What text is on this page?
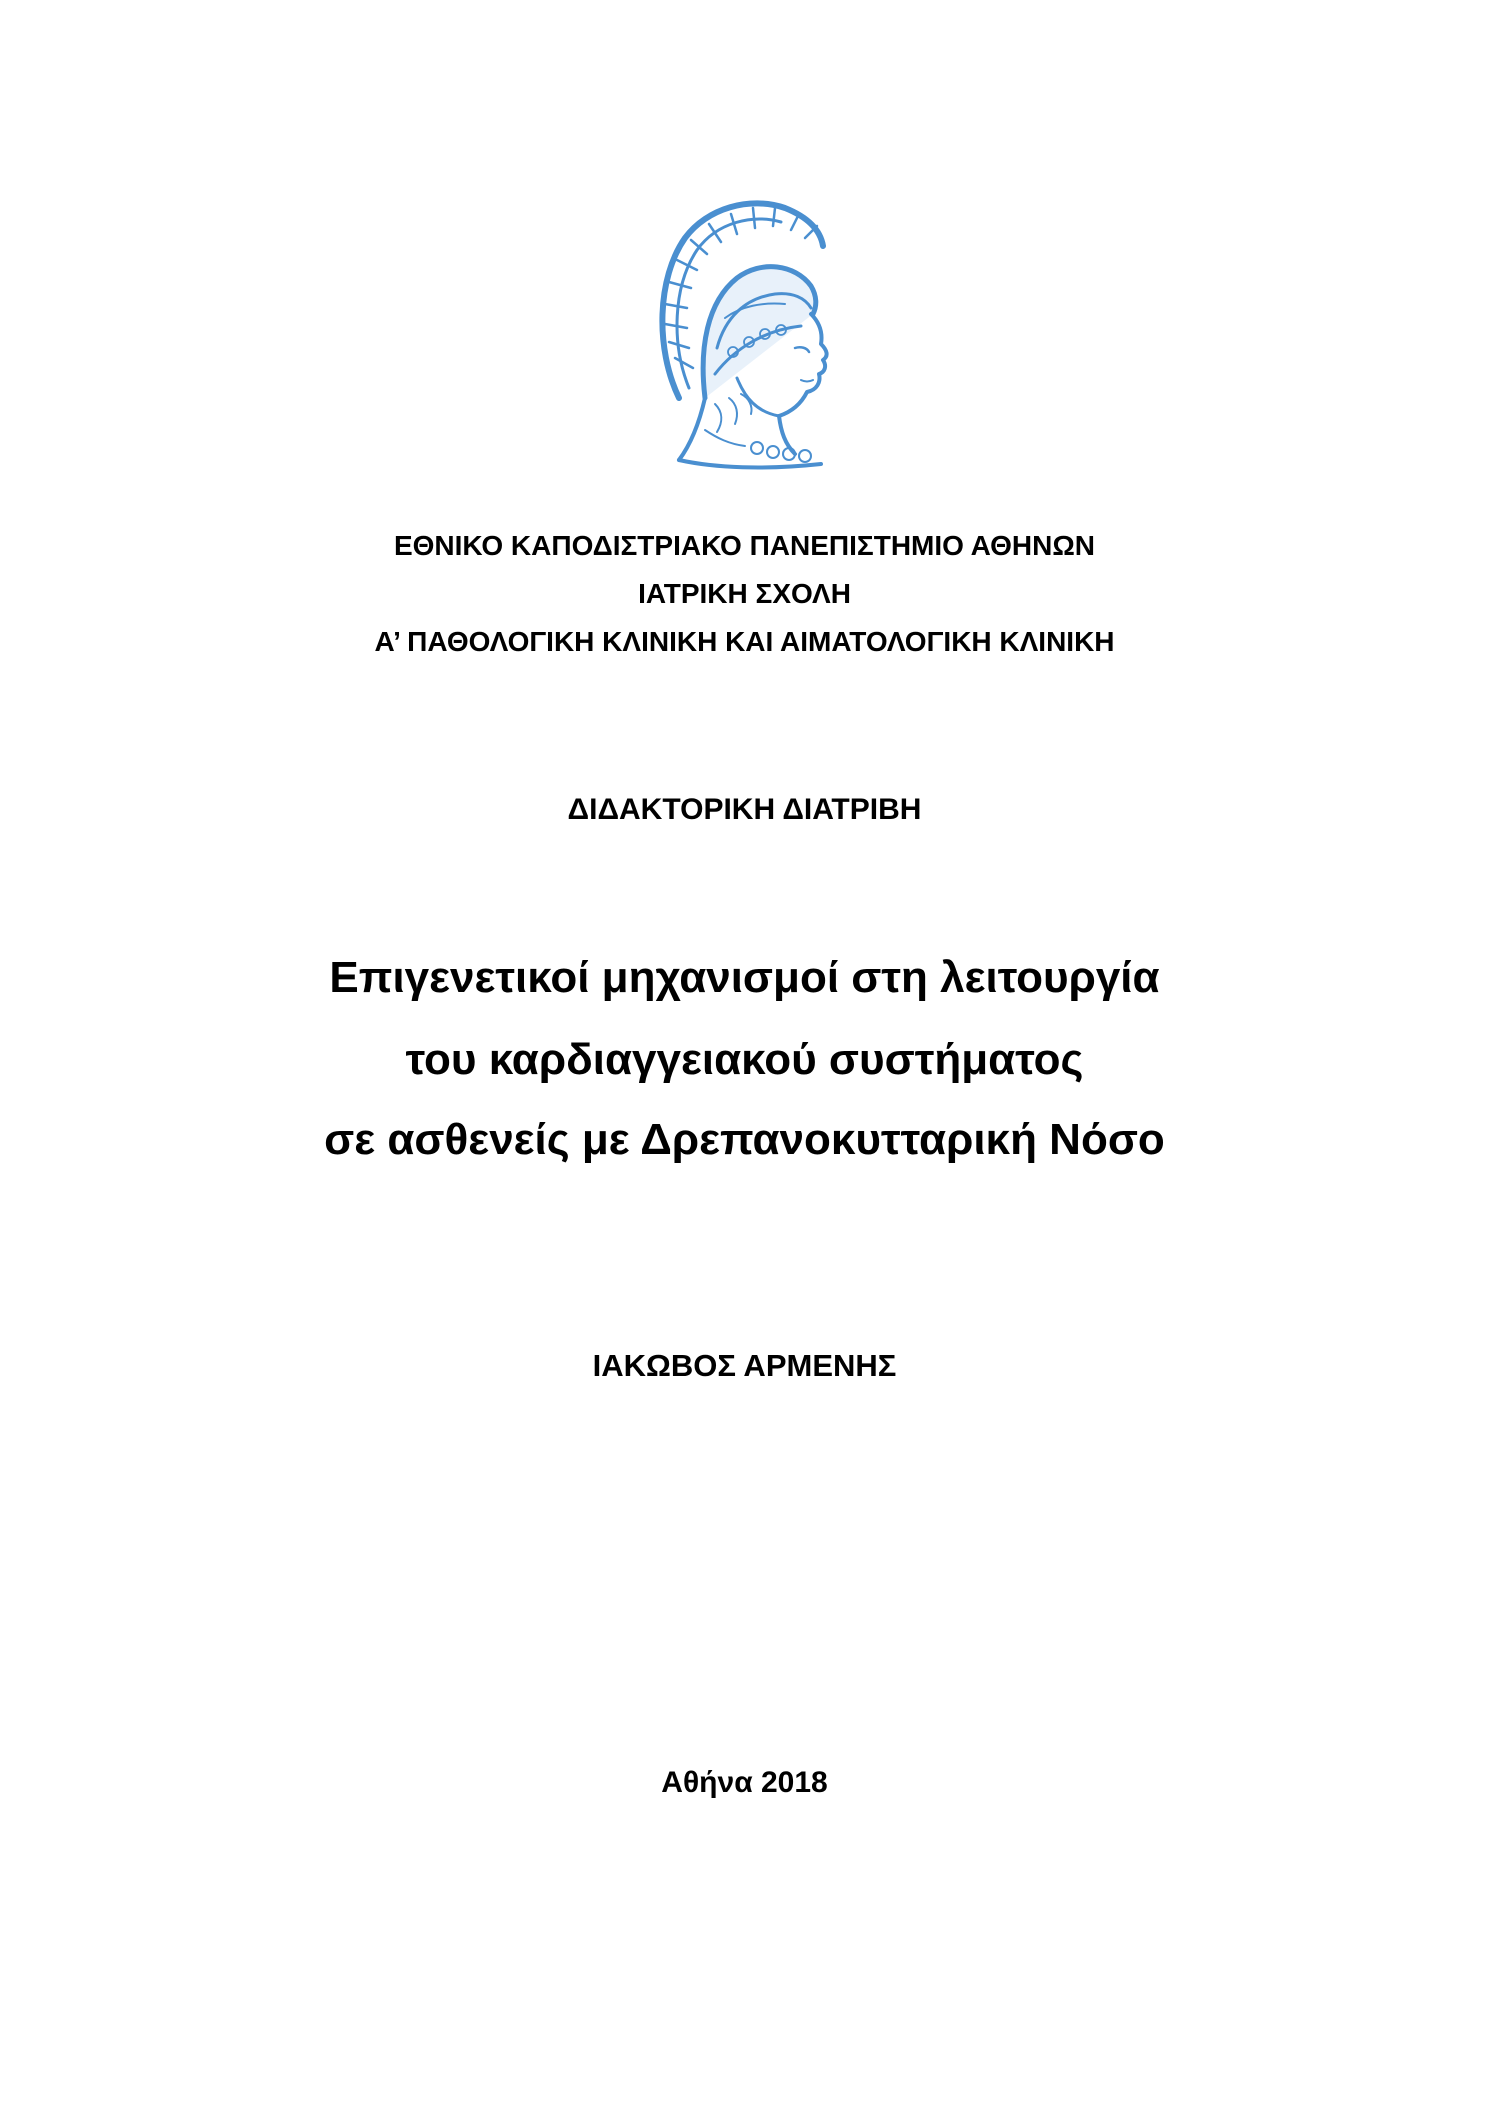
ΕΘΝΙΚΟ ΚΑΠΟΔΙΣΤΡΙΑΚΟ ΠΑΝΕΠΙΣΤΗΜΙΟ ΑΘΗΝΩΝ
ΙΑΤΡΙΚΗ ΣΧΟΛΗ
Α’ ΠΑΘΟΛΟΓΙΚΗ ΚΛΙΝΙΚΗ ΚΑΙ ΑΙΜΑΤΟΛΟΓΙΚΗ ΚΛΙΝΙΚΗ
ΔΙΔΑΚΤΟΡΙΚΗ ΔΙΑΤΡΙΒΗ
Επιγενετικοί μηχανισμοί στη λειτουργία
του καρδιαγγειακού συστήματος
σε ασθενείς με Δρεπανοκυτταρική Νόσο
ΙΑΚΩΒΟΣ ΑΡΜΕΝΗΣ
Αθήνα 2018
